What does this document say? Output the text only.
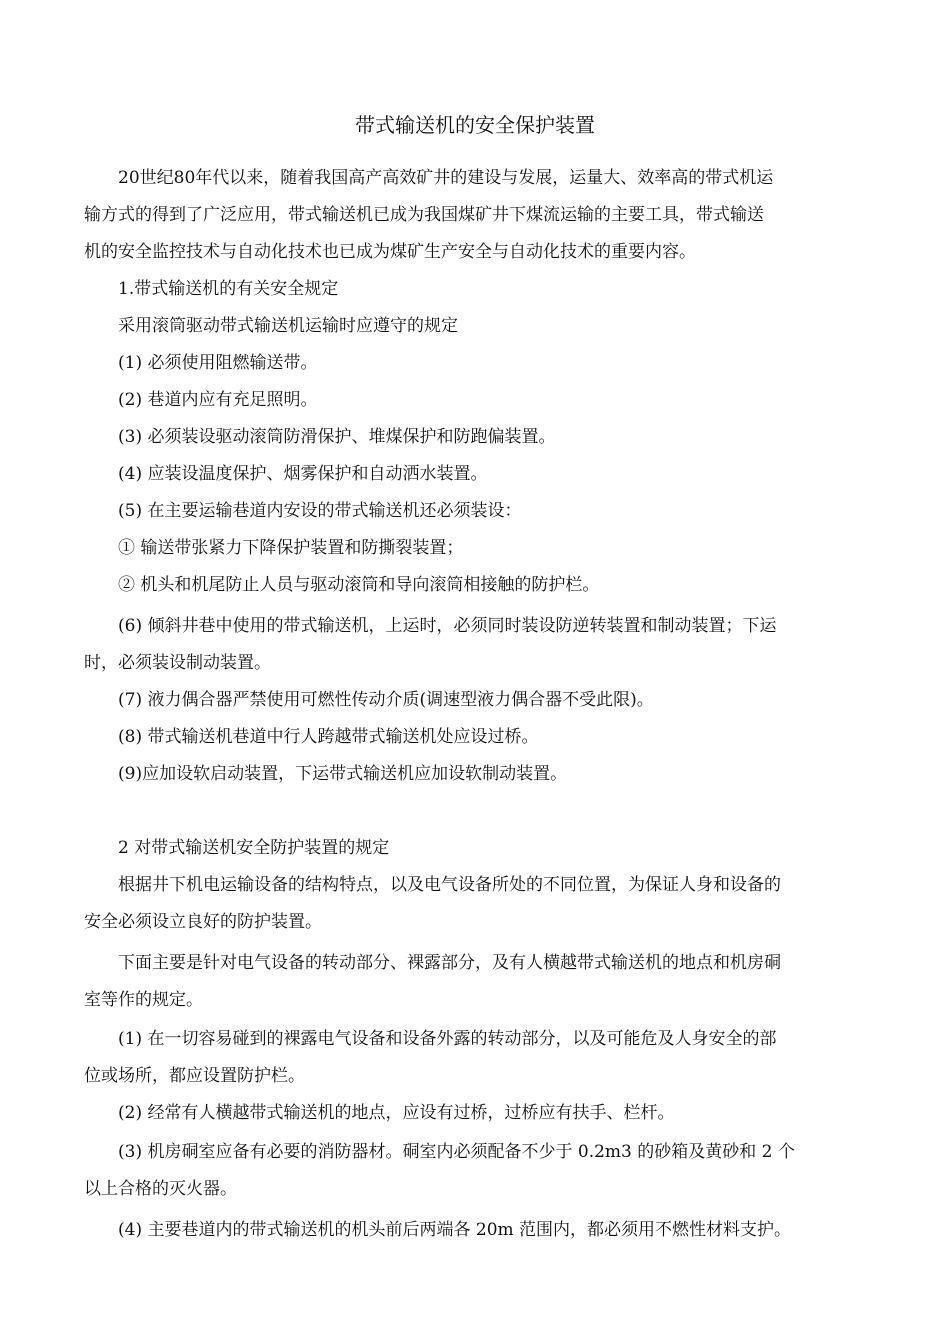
带式输送机的安全保护装置

20世纪80年代以来，随着我国高产高效矿井的建设与发展，运量大、效率高的带式机运

输方式的得到了广泛应用，带式输送机已成为我国煤矿井下煤流运输的主要工具，带式输送

机的安全监控技术与自动化技术也已成为煤矿生产安全与自动化技术的重要内容。

1.带式输送机的有关安全规定

采用滚筒驱动带式输送机运输时应遵守的规定

(1) 必须使用阻燃输送带。

(2) 巷道内应有充足照明。

(3) 必须装设驱动滚筒防滑保护、堆煤保护和防跑偏装置。

(4) 应装设温度保护、烟雾保护和自动洒水装置。

(5) 在主要运输巷道内安设的带式输送机还必须装设：

① 输送带张紧力下降保护装置和防撕裂装置；

② 机头和机尾防止人员与驱动滚筒和导向滚筒相接触的防护栏。

(6) 倾斜井巷中使用的带式输送机，上运时，必须同时装设防逆转装置和制动装置；下运

时，必须装设制动装置。

(7) 液力偶合器严禁使用可燃性传动介质(调速型液力偶合器不受此限)。

(8) 带式输送机巷道中行人跨越带式输送机处应设过桥。

(9)应加设软启动装置，下运带式输送机应加设软制动装置。

2 对带式输送机安全防护装置的规定

根据井下机电运输设备的结构特点，以及电气设备所处的不同位置，为保证人身和设备的

安全必须设立良好的防护装置。

下面主要是针对电气设备的转动部分、裸露部分，及有人横越带式输送机的地点和机房硐

室等作的规定。

(1) 在一切容易碰到的裸露电气设备和设备外露的转动部分，以及可能危及人身安全的部

位或场所，都应设置防护栏。

(2) 经常有人横越带式输送机的地点，应设有过桥，过桥应有扶手、栏杆。

(3) 机房硐室应备有必要的消防器材。硐室内必须配备不少于 0.2m3 的砂箱及黄砂和 2 个

以上合格的灭火器。

(4) 主要巷道内的带式输送机的机头前后两端各 20m 范围内，都必须用不燃性材料支护。
